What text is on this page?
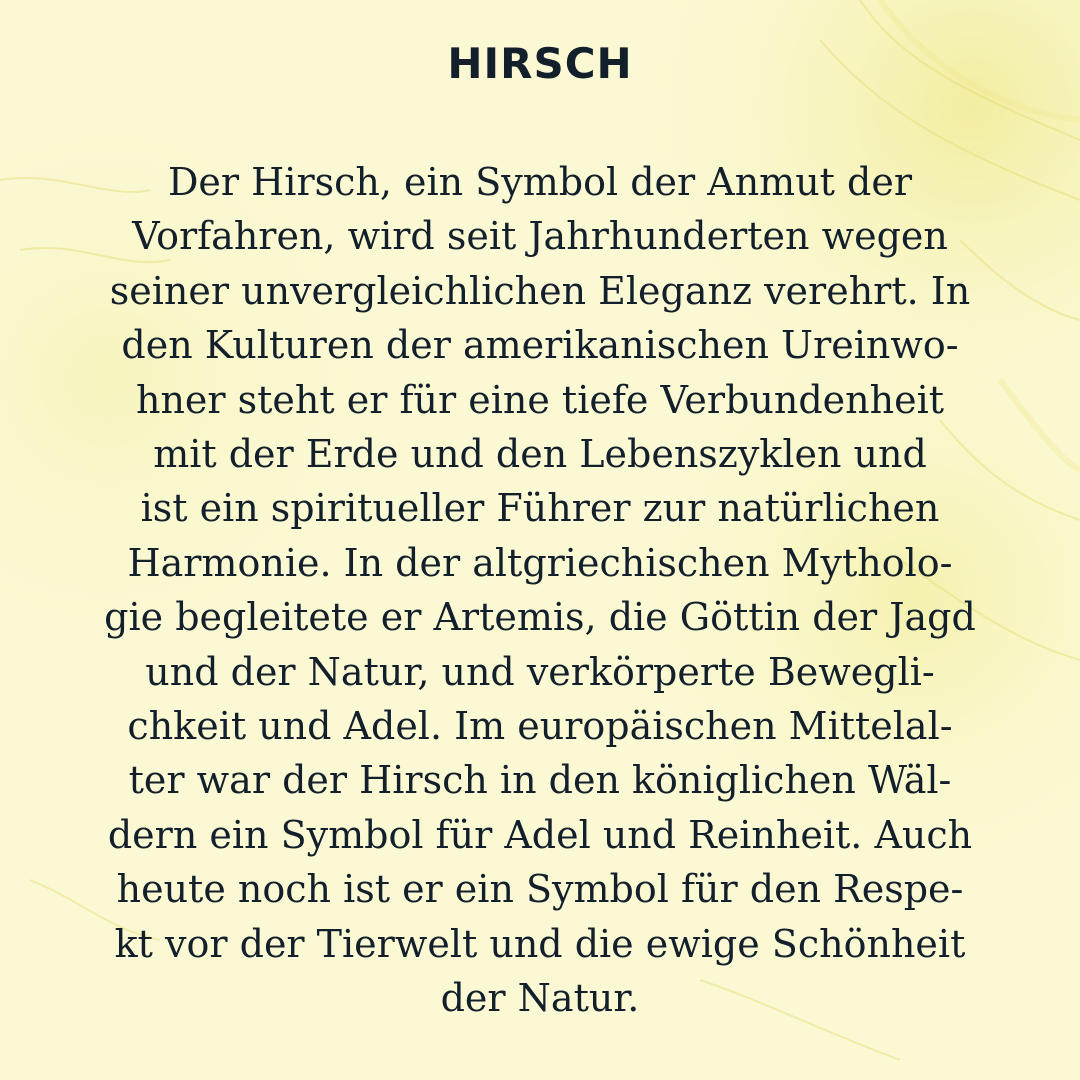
HIRSCH
Der Hirsch, ein Symbol der Anmut der
Vorfahren, wird seit Jahrhunderten wegen
seiner unvergleichlichen Eleganz verehrt. In
den Kulturen der amerikanischen Ureinwo-
hner steht er für eine tiefe Verbundenheit
mit der Erde und den Lebenszyklen und
ist ein spiritueller Führer zur natürlichen
Harmonie. In der altgriechischen Mytholo-
gie begleitete er Artemis, die Göttin der Jagd
und der Natur, und verkörperte Bewegli-
chkeit und Adel. Im europäischen Mittelal-
ter war der Hirsch in den königlichen Wäl-
dern ein Symbol für Adel und Reinheit. Auch
heute noch ist er ein Symbol für den Respe-
kt vor der Tierwelt und die ewige Schönheit
der Natur.
